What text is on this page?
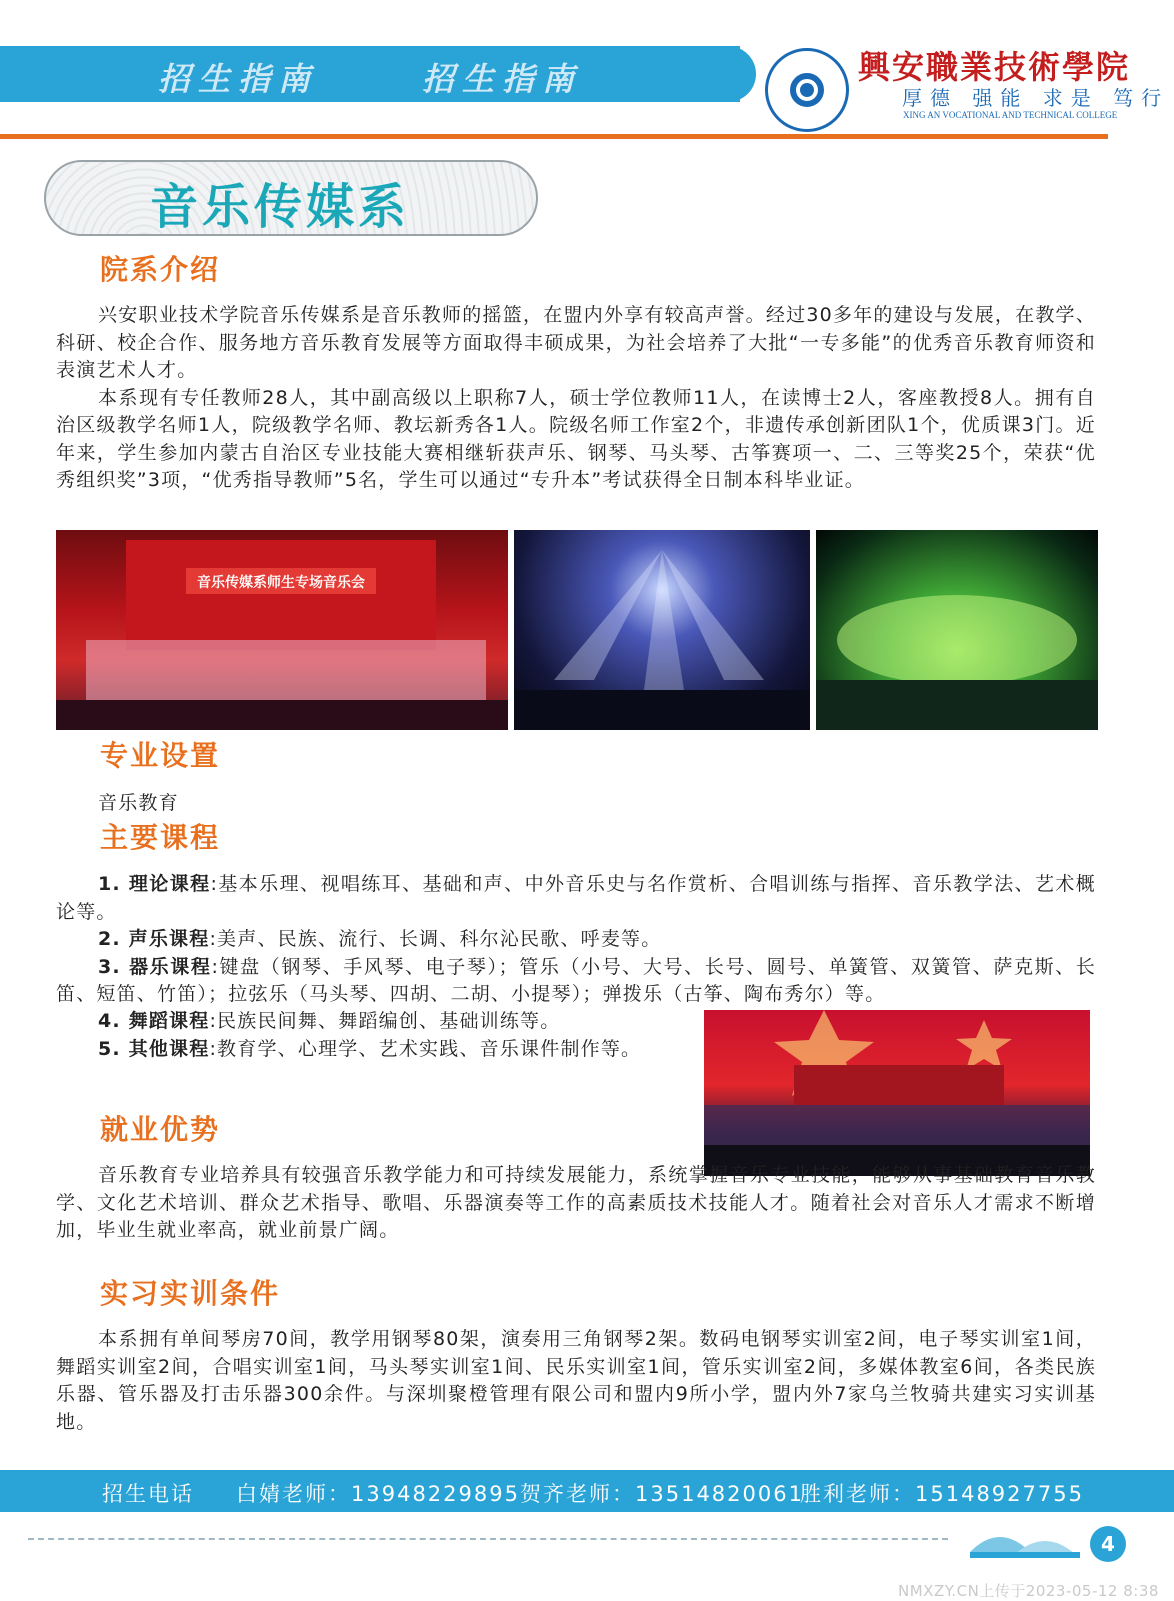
招生指南	招生指南	興安職業技術學院
厚德 强能 求是 笃行
XING AN VOCATIONAL AND TECHNICAL COLLEGE
音乐传媒系
院系介绍

兴安职业技术学院音乐传媒系是音乐教师的摇篮，在盟内外享有较高声誉。经过30多年的建设与发展，在教学、科研、校企合作、服务地方音乐教育发展等方面取得丰硕成果，为社会培养了大批“一专多能”的优秀音乐教育师资和表演艺术人才。

本系现有专任教师28人，其中副高级以上职称7人，硕士学位教师11人，在读博士2人，客座教授8人。拥有自治区级教学名师1人，院级教学名师、教坛新秀各1人。院级名师工作室2个，非遗传承创新团队1个，优质课3门。近年来，学生参加内蒙古自治区专业技能大赛相继斩获声乐、钢琴、马头琴、古筝赛项一、二、三等奖25个，荣获“优秀组织奖”3项，“优秀指导教师”5名，学生可以通过“专升本”考试获得全日制本科毕业证。

音乐传媒系师生专场音乐会
专业设置
音乐教育
主要课程

1. 理论课程:基本乐理、视唱练耳、基础和声、中外音乐史与名作赏析、合唱训练与指挥、音乐教学法、艺术概论等。

2. 声乐课程:美声、民族、流行、长调、科尔沁民歌、呼麦等。

3. 器乐课程:键盘（钢琴、手风琴、电子琴）；管乐（小号、大号、长号、圆号、单簧管、双簧管、萨克斯、长笛、短笛、竹笛）；拉弦乐（马头琴、四胡、二胡、小提琴）；弹拨乐（古筝、陶布秀尔）等。

4. 舞蹈课程:民族民间舞、舞蹈编创、基础训练等。

5. 其他课程:教育学、心理学、艺术实践、音乐课件制作等。

就业优势

音乐教育专业培养具有较强音乐教学能力和可持续发展能力，系统掌握音乐专业技能，能够从事基础教育音乐教学、文化艺术培训、群众艺术指导、歌唱、乐器演奏等工作的高素质技术技能人才。随着社会对音乐人才需求不断增加，毕业生就业率高，就业前景广阔。

实习实训条件

本系拥有单间琴房70间，教学用钢琴80架，演奏用三角钢琴2架。数码电钢琴实训室2间，电子琴实训室1间，舞蹈实训室2间，合唱实训室1间，马头琴实训室1间、民乐实训室1间，管乐实训室2间，多媒体教室6间，各类民族乐器、管乐器及打击乐器300余件。与深圳聚橙管理有限公司和盟内9所小学，盟内外7家乌兰牧骑共建实习实训基地。

招生电话 白婧老师：13948229895 贺齐老师：13514820061
胜利老师：15148927755
4
NMXZY.CN上传于2023-05-12 8:38
